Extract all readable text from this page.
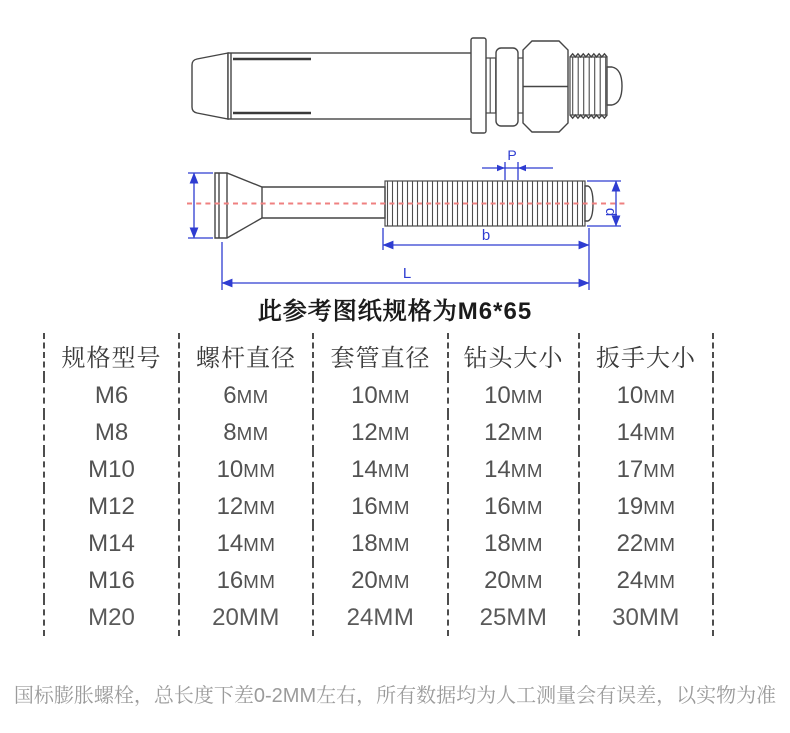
P
b
L
d
此参考图纸规格为M6*65
规格型号	螺杆直径	套管直径	钻头大小	扳手大小
M6	6MM	10MM	10MM	10MM
M8	8MM	12MM	12MM	14MM
M10	10MM	14MM	14MM	17MM
M12	12MM	16MM	16MM	19MM
M14	14MM	18MM	18MM	22MM
M16	16MM	20MM	20MM	24MM
M20	20MM	24MM	25MM	30MM
国标膨胀螺栓，总长度下差0-2MM左右，所有数据均为人工测量会有误差，以实物为准
